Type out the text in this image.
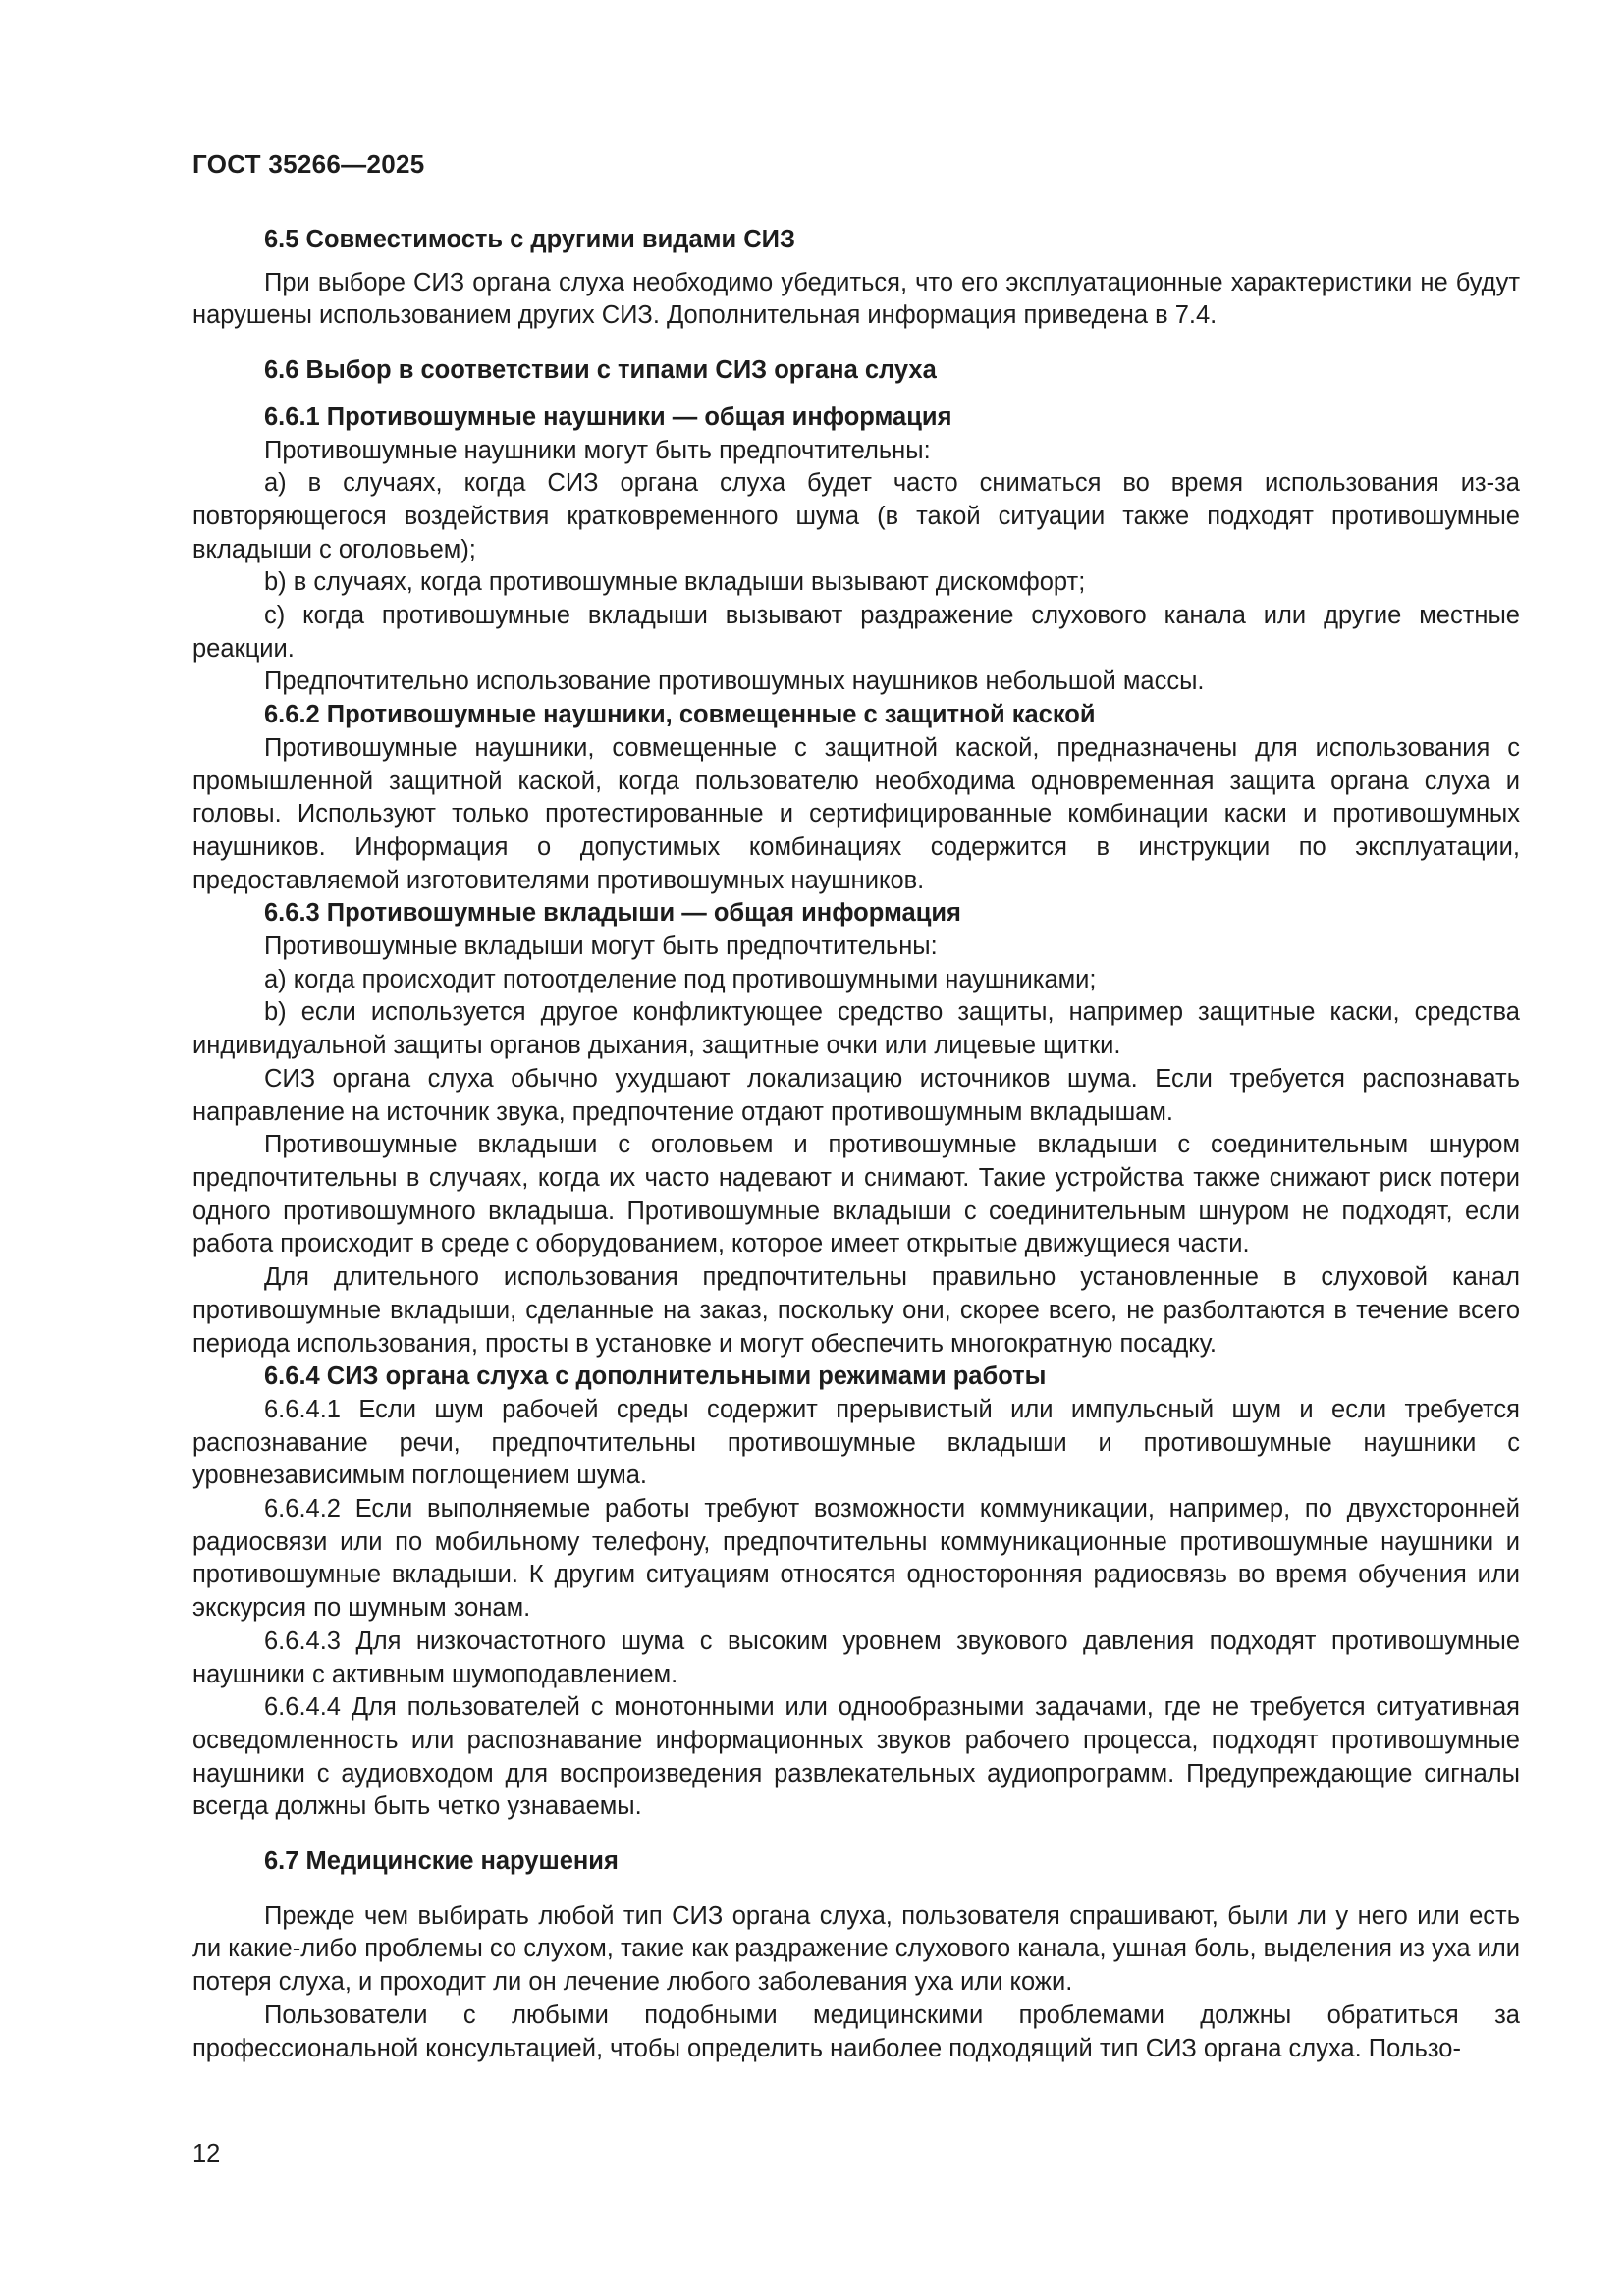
ГОСТ 35266—2025
6.5 Совместимость с другими видами СИЗ

При выборе СИЗ органа слуха необходимо убедиться, что его эксплуатационные характеристики не будут нарушены использованием других СИЗ. Дополнительная информация приведена в 7.4.

6.6 Выбор в соответствии с типами СИЗ органа слуха
6.6.1 Противошумные наушники — общая информация

Противошумные наушники могут быть предпочтительны:

а) в случаях, когда СИЗ органа слуха будет часто сниматься во время использования из-за повторяющегося воздействия кратковременного шума (в такой ситуации также подходят противошумные вкладыши с оголовьем);

b) в случаях, когда противошумные вкладыши вызывают дискомфорт;

c) когда противошумные вкладыши вызывают раздражение слухового канала или другие местные реакции.

Предпочтительно использование противошумных наушников небольшой массы.

6.6.2 Противошумные наушники, совмещенные с защитной каской

Противошумные наушники, совмещенные с защитной каской, предназначены для использования с промышленной защитной каской, когда пользователю необходима одновременная защита органа слуха и головы. Используют только протестированные и сертифицированные комбинации каски и противошумных наушников. Информация о допустимых комбинациях содержится в инструкции по эксплуатации, предоставляемой изготовителями противошумных наушников.

6.6.3 Противошумные вкладыши — общая информация

Противошумные вкладыши могут быть предпочтительны:

а) когда происходит потоотделение под противошумными наушниками;

b) если используется другое конфликтующее средство защиты, например защитные каски, средства индивидуальной защиты органов дыхания, защитные очки или лицевые щитки.

СИЗ органа слуха обычно ухудшают локализацию источников шума. Если требуется распознавать направление на источник звука, предпочтение отдают противошумным вкладышам.

Противошумные вкладыши с оголовьем и противошумные вкладыши с соединительным шнуром предпочтительны в случаях, когда их часто надевают и снимают. Такие устройства также снижают риск потери одного противошумного вкладыша. Противошумные вкладыши с соединительным шнуром не подходят, если работа происходит в среде с оборудованием, которое имеет открытые движущиеся части.

Для длительного использования предпочтительны правильно установленные в слуховой канал противошумные вкладыши, сделанные на заказ, поскольку они, скорее всего, не разболтаются в течение всего периода использования, просты в установке и могут обеспечить многократную посадку.

6.6.4 СИЗ органа слуха с дополнительными режимами работы

6.6.4.1 Если шум рабочей среды содержит прерывистый или импульсный шум и если требуется распознавание речи, предпочтительны противошумные вкладыши и противошумные наушники с уровнезависимым поглощением шума.

6.6.4.2 Если выполняемые работы требуют возможности коммуникации, например, по двухсторонней радиосвязи или по мобильному телефону, предпочтительны коммуникационные противошумные наушники и противошумные вкладыши. К другим ситуациям относятся односторонняя радиосвязь во время обучения или экскурсия по шумным зонам.

6.6.4.3 Для низкочастотного шума с высоким уровнем звукового давления подходят противошумные наушники с активным шумоподавлением.

6.6.4.4 Для пользователей с монотонными или однообразными задачами, где не требуется ситуативная осведомленность или распознавание информационных звуков рабочего процесса, подходят противошумные наушники с аудиовходом для воспроизведения развлекательных аудиопрограмм. Предупреждающие сигналы всегда должны быть четко узнаваемы.

6.7 Медицинские нарушения

Прежде чем выбирать любой тип СИЗ органа слуха, пользователя спрашивают, были ли у него или есть ли какие-либо проблемы со слухом, такие как раздражение слухового канала, ушная боль, выделения из уха или потеря слуха, и проходит ли он лечение любого заболевания уха или кожи.

Пользователи с любыми подобными медицинскими проблемами должны обратиться за профессиональной консультацией, чтобы определить наиболее подходящий тип СИЗ органа слуха. Пользо-

12
